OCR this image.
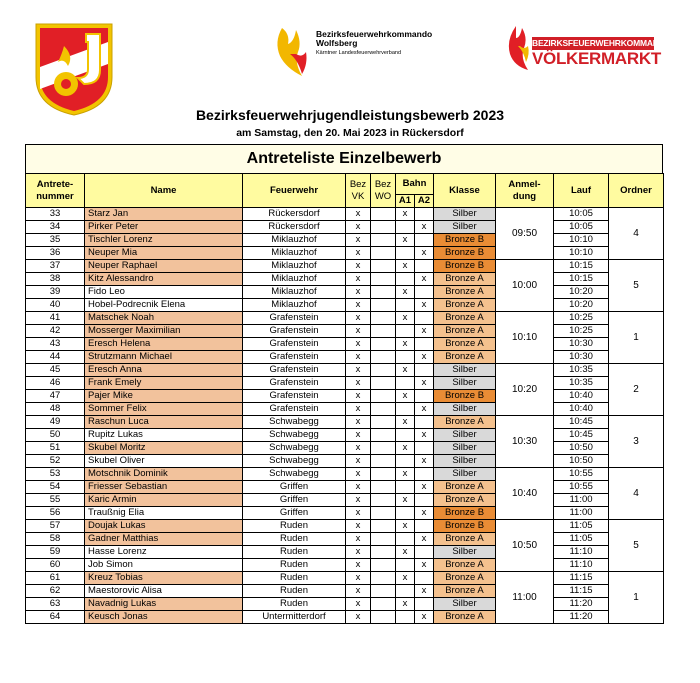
Bezirksfeuerwehrkommando
Wolfsberg
Kärntner Landesfeuerwehrverband
BEZIRKSFEUERWEHRKOMMANDO
VÖLKERMARKT
Bezirksfeuerwehrjugendleistungsbewerb 2023
am Samstag, den 20. Mai 2023 in Rückersdorf
Antreteliste Einzelbewerb
Antrete-
nummer	Name	Feuerwehr	Bez
VK	Bez
WO	Bahn		Klasse	Anmel-
dung	Lauf	Ordner
					A1	A2				
33	Starz Jan	Rückersdorf	x		x		Silber	09:50	10:05	4
34	Pirker Peter	Rückersdorf	x			x	Silber		10:05	
35	Tischler Lorenz	Miklauzhof	x		x		Bronze B		10:10	
36	Neuper Mia	Miklauzhof	x			x	Bronze B		10:10	
37	Neuper Raphael	Miklauzhof	x		x		Bronze B	10:00	10:15	5
38	Kitz Alessandro	Miklauzhof	x			x	Bronze A		10:15	
39	Fido Leo	Miklauzhof	x		x		Bronze A		10:20	
40	Hobel-Podrecnik Elena	Miklauzhof	x			x	Bronze A		10:20	
41	Matschek Noah	Grafenstein	x		x		Bronze A	10:10	10:25	1
42	Mosserger Maximilian	Grafenstein	x			x	Bronze A		10:25	
43	Eresch Helena	Grafenstein	x		x		Bronze A		10:30	
44	Strutzmann Michael	Grafenstein	x			x	Bronze A		10:30	
45	Eresch Anna	Grafenstein	x		x		Silber	10:20	10:35	2
46	Frank Emely	Grafenstein	x			x	Silber		10:35	
47	Pajer Mike	Grafenstein	x		x		Bronze B		10:40	
48	Sommer Felix	Grafenstein	x			x	Silber		10:40	
49	Raschun Luca	Schwabegg	x		x		Bronze A	10:30	10:45	3
50	Rupitz Lukas	Schwabegg	x			x	Silber		10:45	
51	Skubel Moritz	Schwabegg	x		x		Silber		10:50	
52	Skubel Oliver	Schwabegg	x			x	Silber		10:50	
53	Motschnik Dominik	Schwabegg	x		x		Silber	10:40	10:55	4
54	Friesser Sebastian	Griffen	x			x	Bronze A		10:55	
55	Karic Armin	Griffen	x		x		Bronze A		11:00	
56	Traußnig Elia	Griffen	x			x	Bronze B		11:00	
57	Doujak Lukas	Ruden	x		x		Bronze B	10:50	11:05	5
58	Gadner Matthias	Ruden	x			x	Bronze A		11:05	
59	Hasse Lorenz	Ruden	x		x		Silber		11:10	
60	Job Simon	Ruden	x			x	Bronze A		11:10	
61	Kreuz Tobias	Ruden	x		x		Bronze A	11:00	11:15	1
62	Maestorovic Alisa	Ruden	x			x	Bronze A		11:15	
63	Navadnig Lukas	Ruden	x		x		Silber		11:20	
64	Keusch Jonas	Untermitterdorf	x			x	Bronze A		11:20	
